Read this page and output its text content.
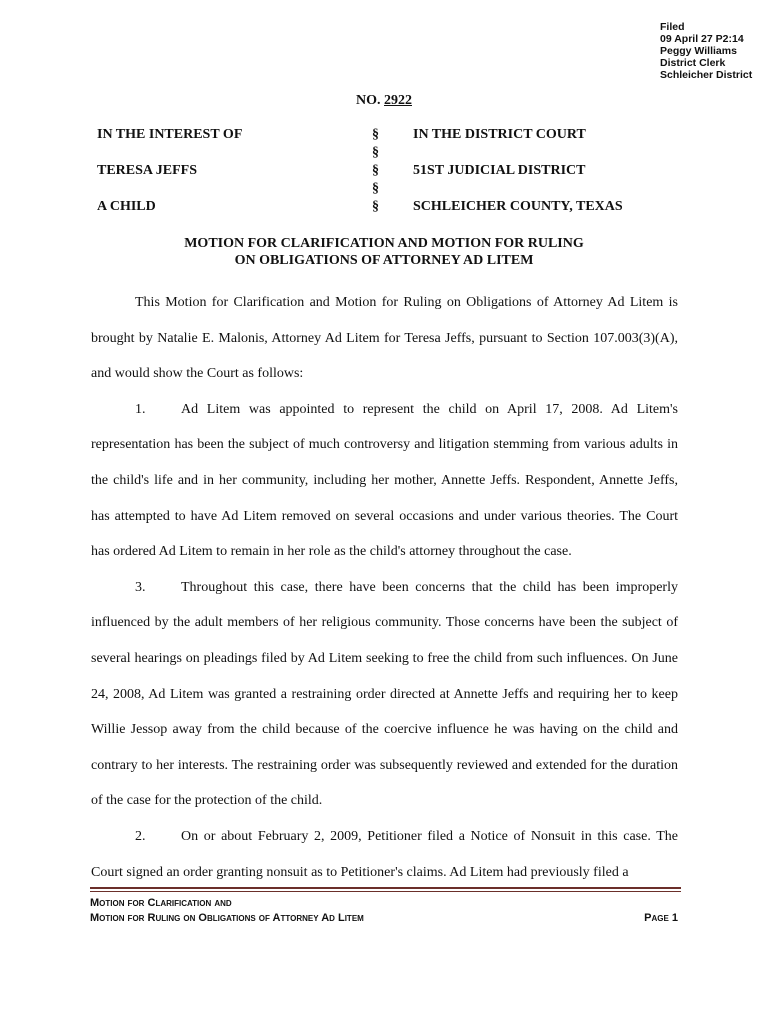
Filed
09 April 27 P2:14
Peggy Williams
District Clerk
Schleicher District
NO. 2922
IN THE INTEREST OF	§ IN THE DISTRICT COURT
§
TERESA JEFFS	§ 51ST JUDICIAL DISTRICT
§
A CHILD	§ SCHLEICHER COUNTY, TEXAS
MOTION FOR CLARIFICATION AND MOTION FOR RULING
ON OBLIGATIONS OF ATTORNEY AD LITEM

This Motion for Clarification and Motion for Ruling on Obligations of Attorney Ad Litem is brought by Natalie E. Malonis, Attorney Ad Litem for Teresa Jeffs, pursuant to Section 107.003(3)(A), and would show the Court as follows:

1.	Ad Litem was appointed to represent the child on April 17, 2008. Ad Litem's representation has been the subject of much controversy and litigation stemming from various adults in the child's life and in her community, including her mother, Annette Jeffs. Respondent, Annette Jeffs, has attempted to have Ad Litem removed on several occasions and under various theories. The Court has ordered Ad Litem to remain in her role as the child's attorney throughout the case.

3.	Throughout this case, there have been concerns that the child has been improperly influenced by the adult members of her religious community. Those concerns have been the subject of several hearings on pleadings filed by Ad Litem seeking to free the child from such influences. On June 24, 2008, Ad Litem was granted a restraining order directed at Annette Jeffs and requiring her to keep Willie Jessop away from the child because of the coercive influence he was having on the child and contrary to her interests. The restraining order was subsequently reviewed and extended for the duration of the case for the protection of the child.

2.	On or about February 2, 2009, Petitioner filed a Notice of Nonsuit in this case. The Court signed an order granting nonsuit as to Petitioner's claims. Ad Litem had previously filed a

Motion for Clarification and
Motion for Ruling on Obligations of Attorney Ad Litem	Page 1
